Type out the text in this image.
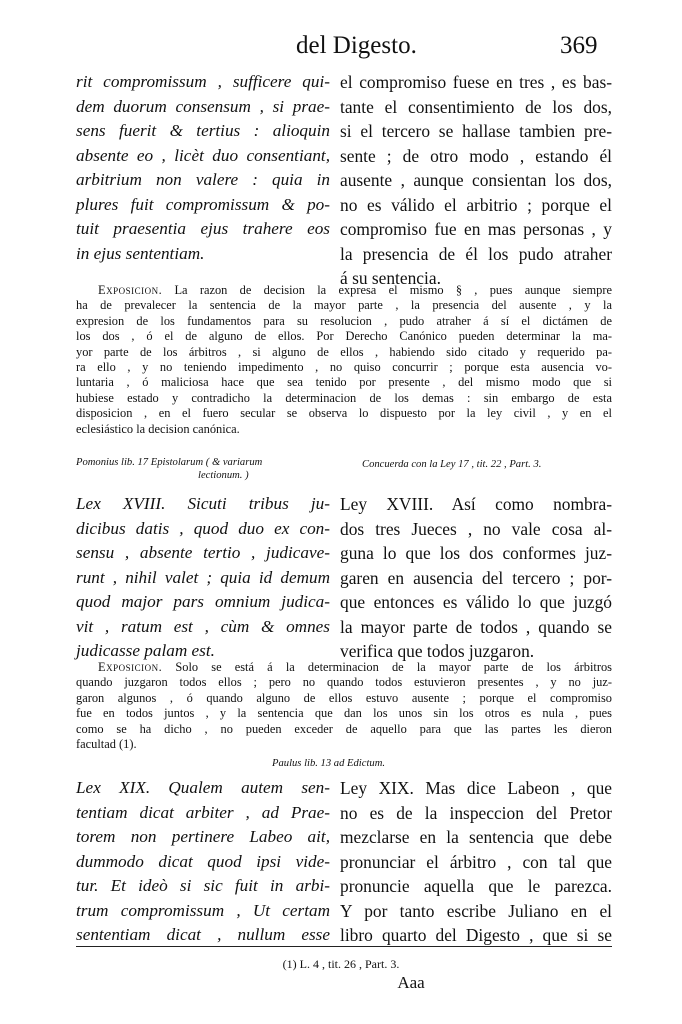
del Digesto.	369
rit compromissum , sufficere qui-
dem duorum consensum , si prae-
sens fuerit & tertius : alioquin
absente eo , licèt duo consentiant,
arbitrium non valere : quia in
plures fuit compromissum & po-
tuit praesentia ejus trahere eos
in ejus sententiam.
el compromiso fuese en tres , es bas-
tante el consentimiento de los dos,
si el tercero se hallase tambien pre-
sente ; de otro modo , estando él
ausente , aunque consientan los dos,
no es válido el arbitrio ; porque el
compromiso fue en mas personas , y
la presencia de él los pudo atraher
á su sentencia.
Exposicion. La razon de decision la expresa el mismo § , pues aunque siempre
ha de prevalecer la sentencia de la mayor parte , la presencia del ausente , y la
expresion de los fundamentos para su resolucion , pudo atraher á sí el dictámen de
los dos , ó el de alguno de ellos. Por Derecho Canónico pueden determinar la ma-
yor parte de los árbitros , si alguno de ellos , habiendo sido citado y requerido pa-
ra ello , y no teniendo impedimento , no quiso concurrir ; porque esta ausencia vo-
luntaria , ó maliciosa hace que sea tenido por presente , del mismo modo que si
hubiese estado y contradicho la determinacion de los demas : sin embargo de esta
disposicion , en el fuero secular se observa lo dispuesto por la ley civil , y en el
eclesiástico la decision canónica.
Pomonius lib. 17 Epistolarum ( & variarum
lectionum. )
Concuerda con la Ley 17 , tit. 22 , Part. 3.
Lex XVIII. Sicuti tribus ju-
dicibus datis , quod duo ex con-
sensu , absente tertio , judicave-
runt , nihil valet ; quia id demum
quod major pars omnium judica-
vit , ratum est , cùm & omnes
judicasse palam est.
Ley XVIII. Así como nombra-
dos tres Jueces , no vale cosa al-
guna lo que los dos conformes juz-
garen en ausencia del tercero ; por-
que entonces es válido lo que juzgó
la mayor parte de todos , quando se
verifica que todos juzgaron.
Exposicion. Solo se está á la determinacion de la mayor parte de los árbitros
quando juzgaron todos ellos ; pero no quando todos estuvieron presentes , y no juz-
garon algunos , ó quando alguno de ellos estuvo ausente ; porque el compromiso
fue en todos juntos , y la sentencia que dan los unos sin los otros es nula , pues
como se ha dicho , no pueden exceder de aquello para que las partes les dieron
facultad (1).
Paulus lib. 13 ad Edictum.
Lex XIX. Qualem autem sen-
tentiam dicat arbiter , ad Prae-
torem non pertinere Labeo ait,
dummodo dicat quod ipsi vide-
tur. Et ideò si sic fuit in arbi-
trum compromissum , Ut certam
sententiam dicat , nullum esse
Ley XIX. Mas dice Labeon , que
no es de la inspeccion del Pretor
mezclarse en la sentencia que debe
pronunciar el árbitro , con tal que
pronuncie aquella que le parezca.
Y por tanto escribe Juliano en el
libro quarto del Digesto , que si se
(1) L. 4 , tit. 26 , Part. 3.
Aaa
